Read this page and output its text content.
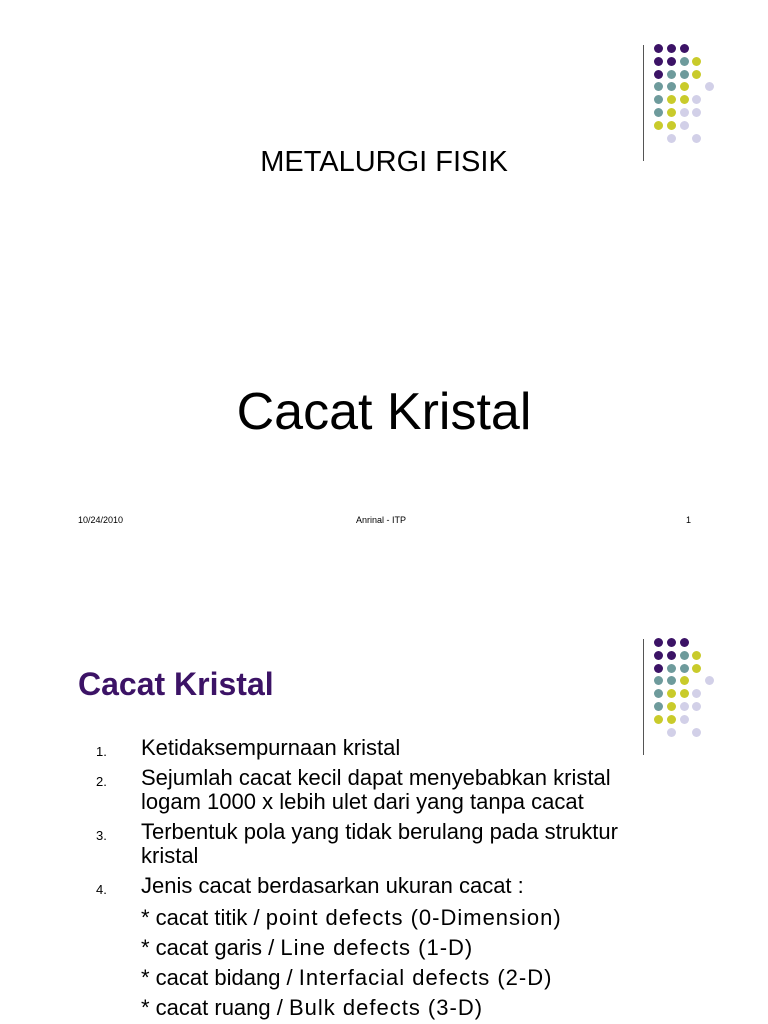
METALURGI FISIK
Cacat Kristal
10/24/2010	Anrinal - ITP	1
Cacat Kristal
1. Ketidaksempurnaan kristal
2. Sejumlah cacat kecil dapat menyebabkan kristal
logam 1000 x lebih ulet dari yang tanpa cacat
3. Terbentuk pola yang tidak berulang pada struktur
kristal
4. Jenis cacat berdasarkan ukuran cacat :
* cacat titik / point defects (0-Dimension)
* cacat garis / Line defects (1-D)
* cacat bidang / Interfacial defects (2-D)
* cacat ruang / Bulk defects (3-D)
